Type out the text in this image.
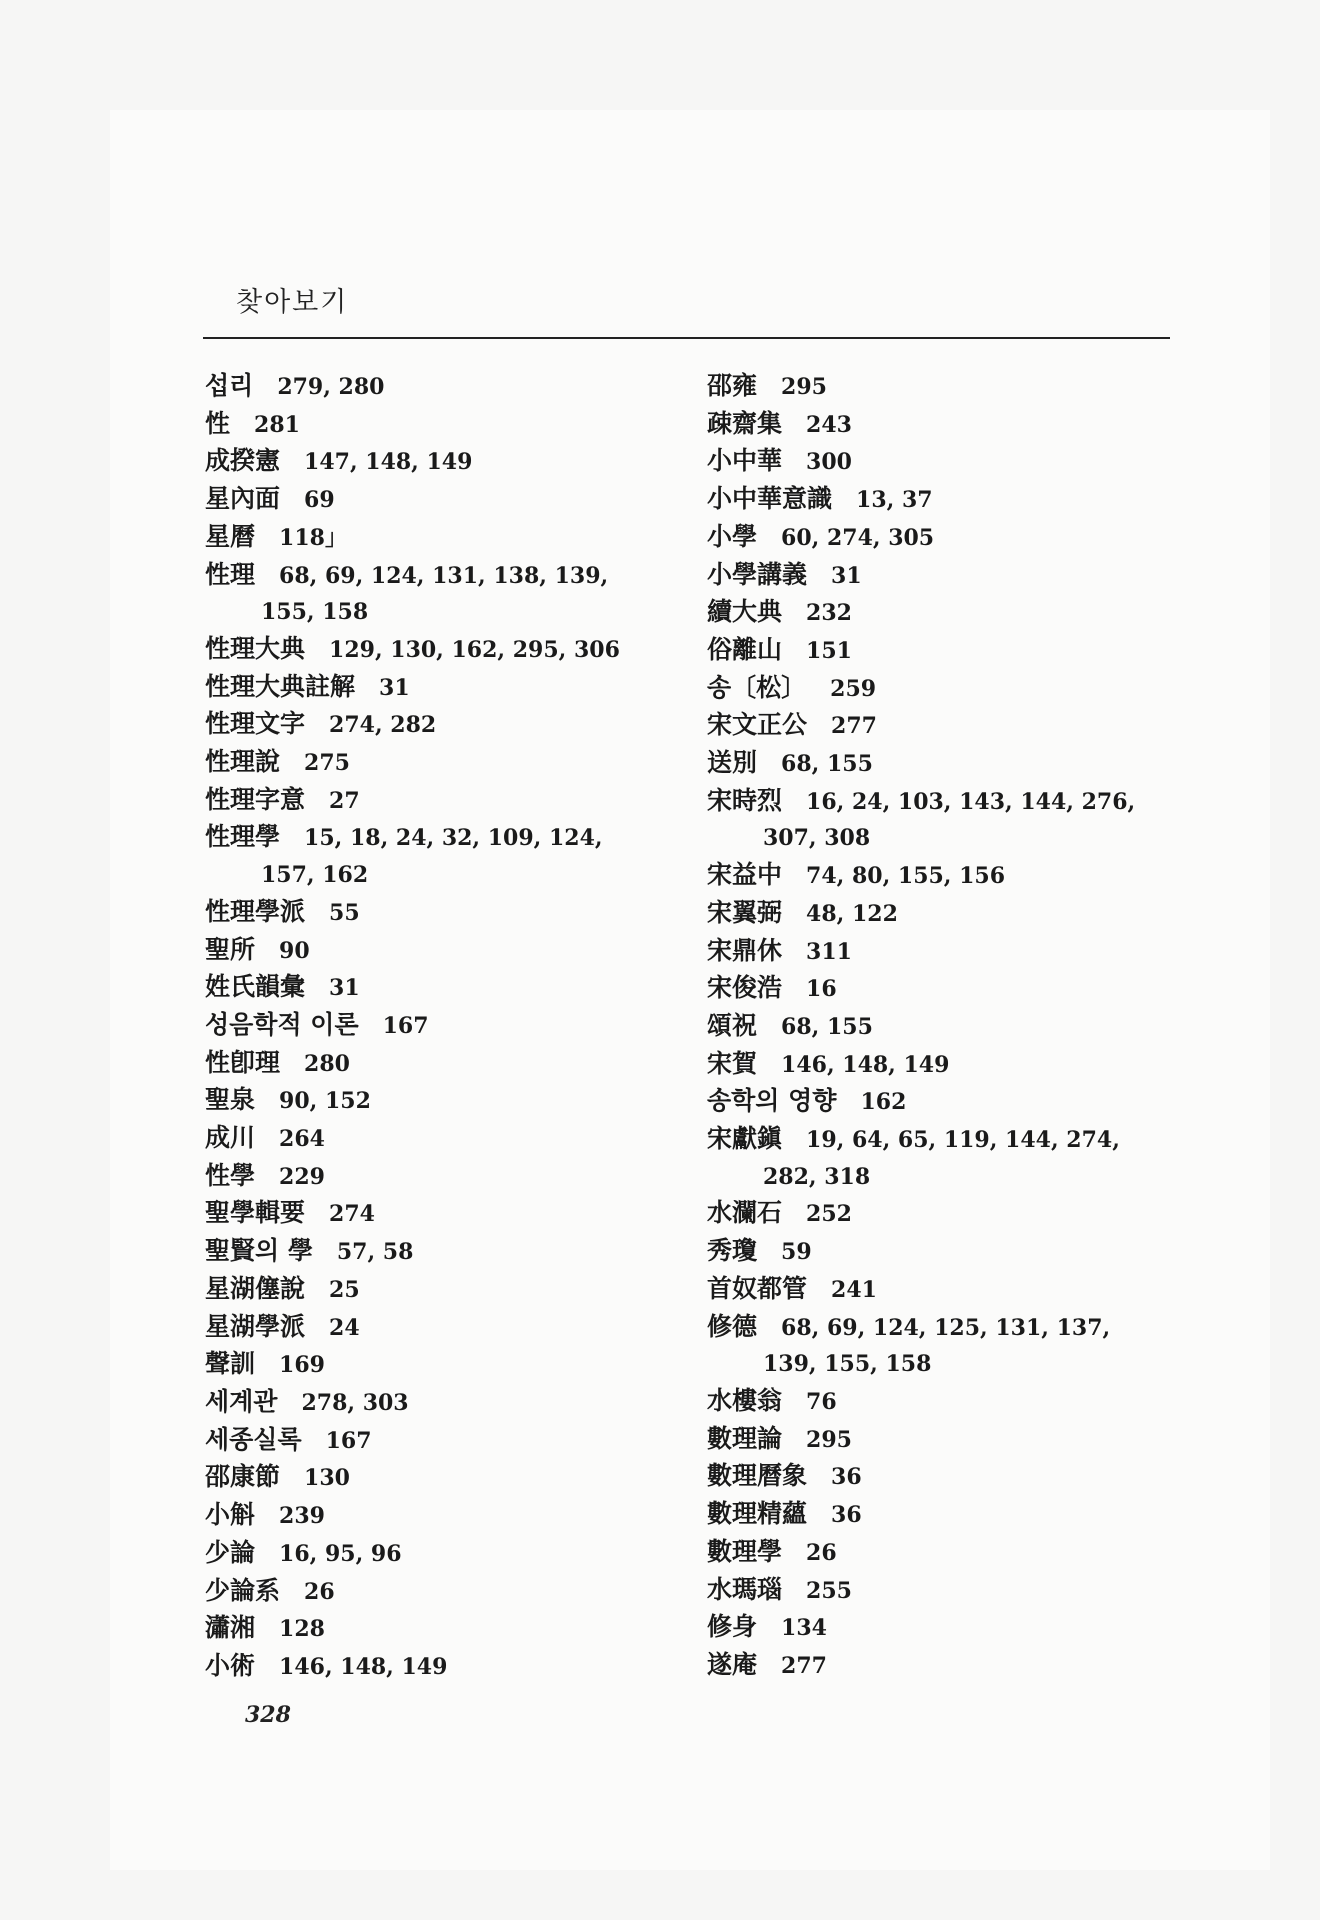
찾아보기
섭리 279, 280
性 281
成揆憲 147, 148, 149
星內面 69
星曆 118」
性理 68, 69, 124, 131, 138, 139,
155, 158
性理大典 129, 130, 162, 295, 306
性理大典註解 31
性理文字 274, 282
性理說 275
性理字意 27
性理學 15, 18, 24, 32, 109, 124,
157, 162
性理學派 55
聖所 90
姓氏韻彙 31
성음학적 이론 167
性卽理 280
聖泉 90, 152
成川 264
性學 229
聖學輯要 274
聖賢의 學 57, 58
星湖僿說 25
星湖學派 24
聲訓 169
세계관 278, 303
세종실록 167
邵康節 130
小斛 239
少論 16, 95, 96
少論系 26
瀟湘 128
小術 146, 148, 149
邵雍 295
疎齋集 243
小中華 300
小中華意識 13, 37
小學 60, 274, 305
小學講義 31
續大典 232
俗離山 151
송〔松〕 259
宋文正公 277
送別 68, 155
宋時烈 16, 24, 103, 143, 144, 276,
307, 308
宋益中 74, 80, 155, 156
宋翼弼 48, 122
宋鼎休 311
宋俊浩 16
頌祝 68, 155
宋賀 146, 148, 149
송학의 영향 162
宋獻鎭 19, 64, 65, 119, 144, 274,
282, 318
水瀾石 252
秀瓊 59
首奴都管 241
修德 68, 69, 124, 125, 131, 137,
139, 155, 158
水樓翁 76
數理論 295
數理曆象 36
數理精蘊 36
數理學 26
水瑪瑙 255
修身 134
遂庵 277
328
